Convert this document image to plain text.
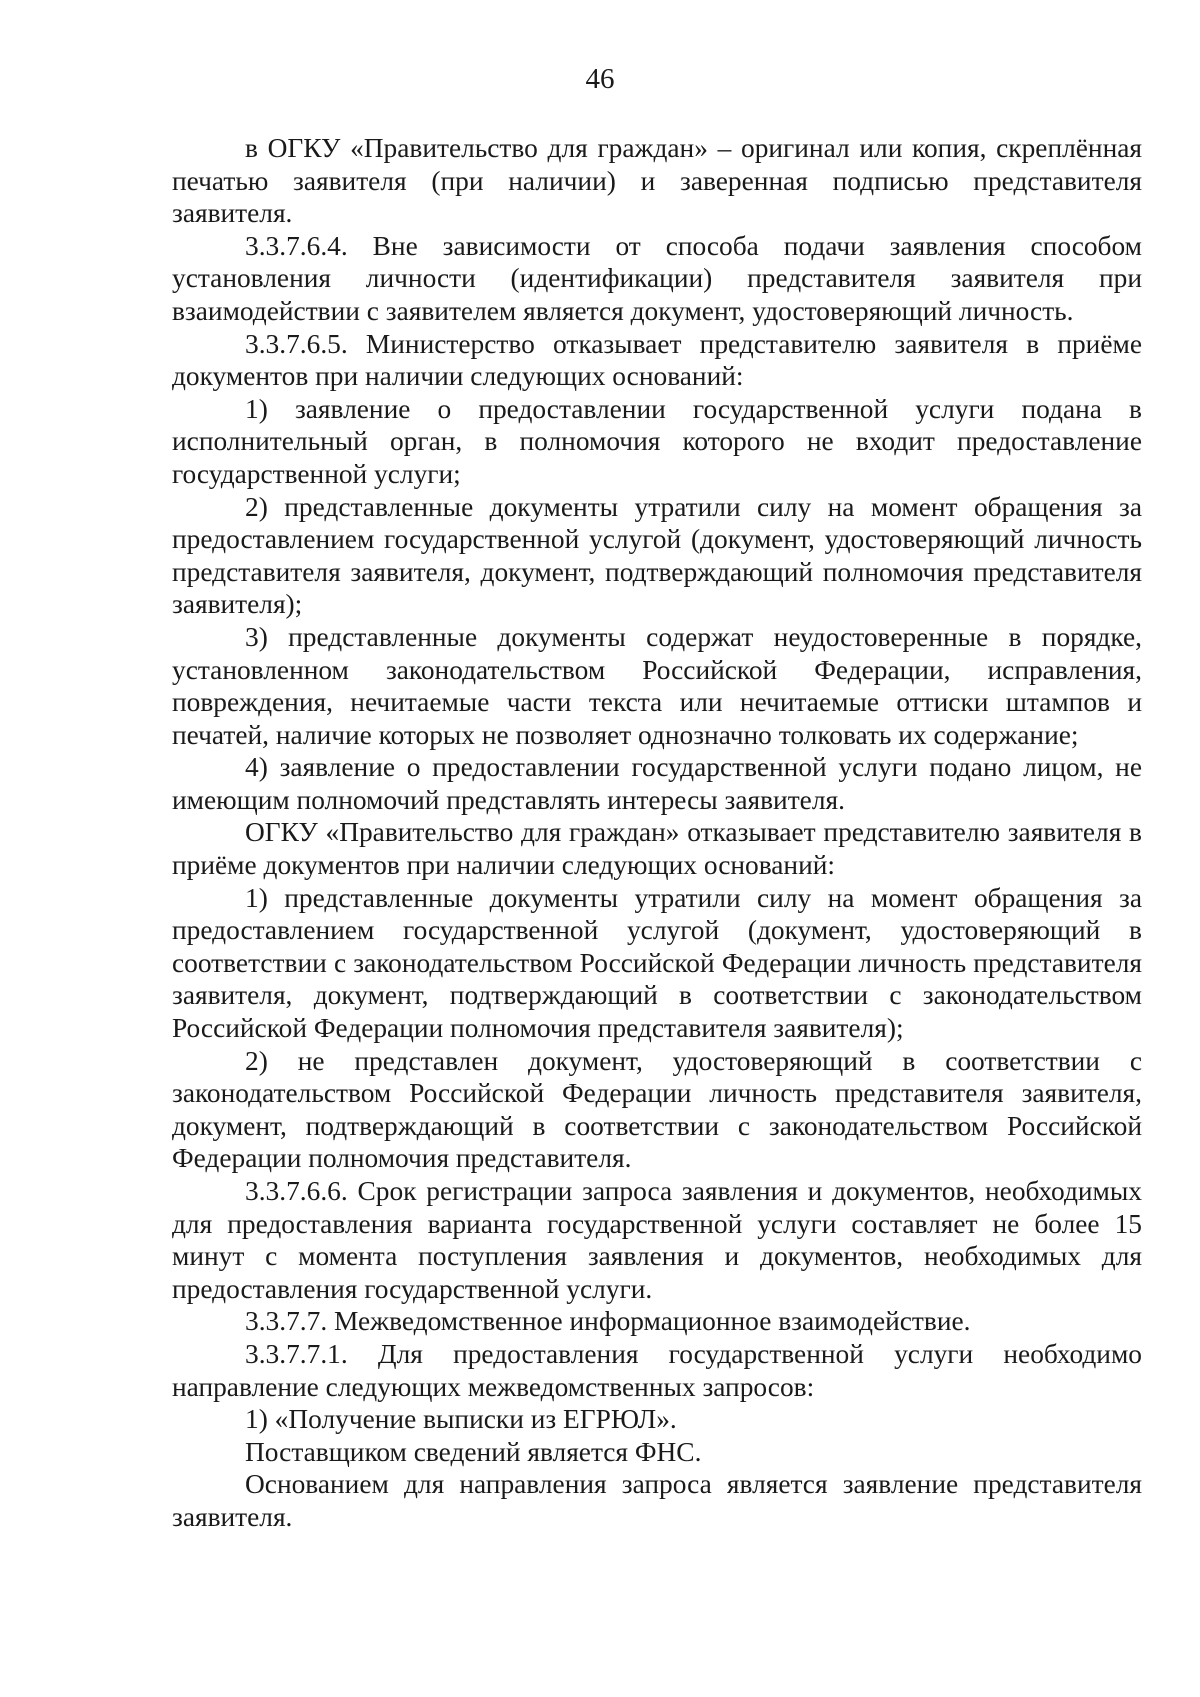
46

в ОГКУ «Правительство для граждан» – оригинал или копия, скреплённая печатью заявителя (при наличии) и заверенная подписью представителя заявителя.

3.3.7.6.4. Вне зависимости от способа подачи заявления способом установления личности (идентификации) представителя заявителя при взаимодействии с заявителем является документ, удостоверяющий личность.

3.3.7.6.5. Министерство отказывает представителю заявителя в приёме документов при наличии следующих оснований:

1) заявление о предоставлении государственной услуги подана в исполнительный орган, в полномочия которого не входит предоставление государственной услуги;

2) представленные документы утратили силу на момент обращения за предоставлением государственной услугой (документ, удостоверяющий личность представителя заявителя, документ, подтверждающий полномочия представителя заявителя);

3) представленные документы содержат неудостоверенные в порядке, установленном законодательством Российской Федерации, исправления, повреждения, нечитаемые части текста или нечитаемые оттиски штампов и печатей, наличие которых не позволяет однозначно толковать их содержание;

4) заявление о предоставлении государственной услуги подано лицом, не имеющим полномочий представлять интересы заявителя.

ОГКУ «Правительство для граждан» отказывает представителю заявителя в приёме документов при наличии следующих оснований:

1) представленные документы утратили силу на момент обращения за предоставлением государственной услугой (документ, удостоверяющий в соответствии с законодательством Российской Федерации личность представителя заявителя, документ, подтверждающий в соответствии с законодательством Российской Федерации полномочия представителя заявителя);

2) не представлен документ, удостоверяющий в соответствии с законодательством Российской Федерации личность представителя заявителя, документ, подтверждающий в соответствии с законодательством Российской Федерации полномочия представителя.

3.3.7.6.6. Срок регистрации запроса заявления и документов, необходимых для предоставления варианта государственной услуги составляет не более 15 минут с момента поступления заявления и документов, необходимых для предоставления государственной услуги.

3.3.7.7. Межведомственное информационное взаимодействие.

3.3.7.7.1. Для предоставления государственной услуги необходимо направление следующих межведомственных запросов:

1) «Получение выписки из ЕГРЮЛ».

Поставщиком сведений является ФНС.

Основанием для направления запроса является заявление представителя заявителя.
